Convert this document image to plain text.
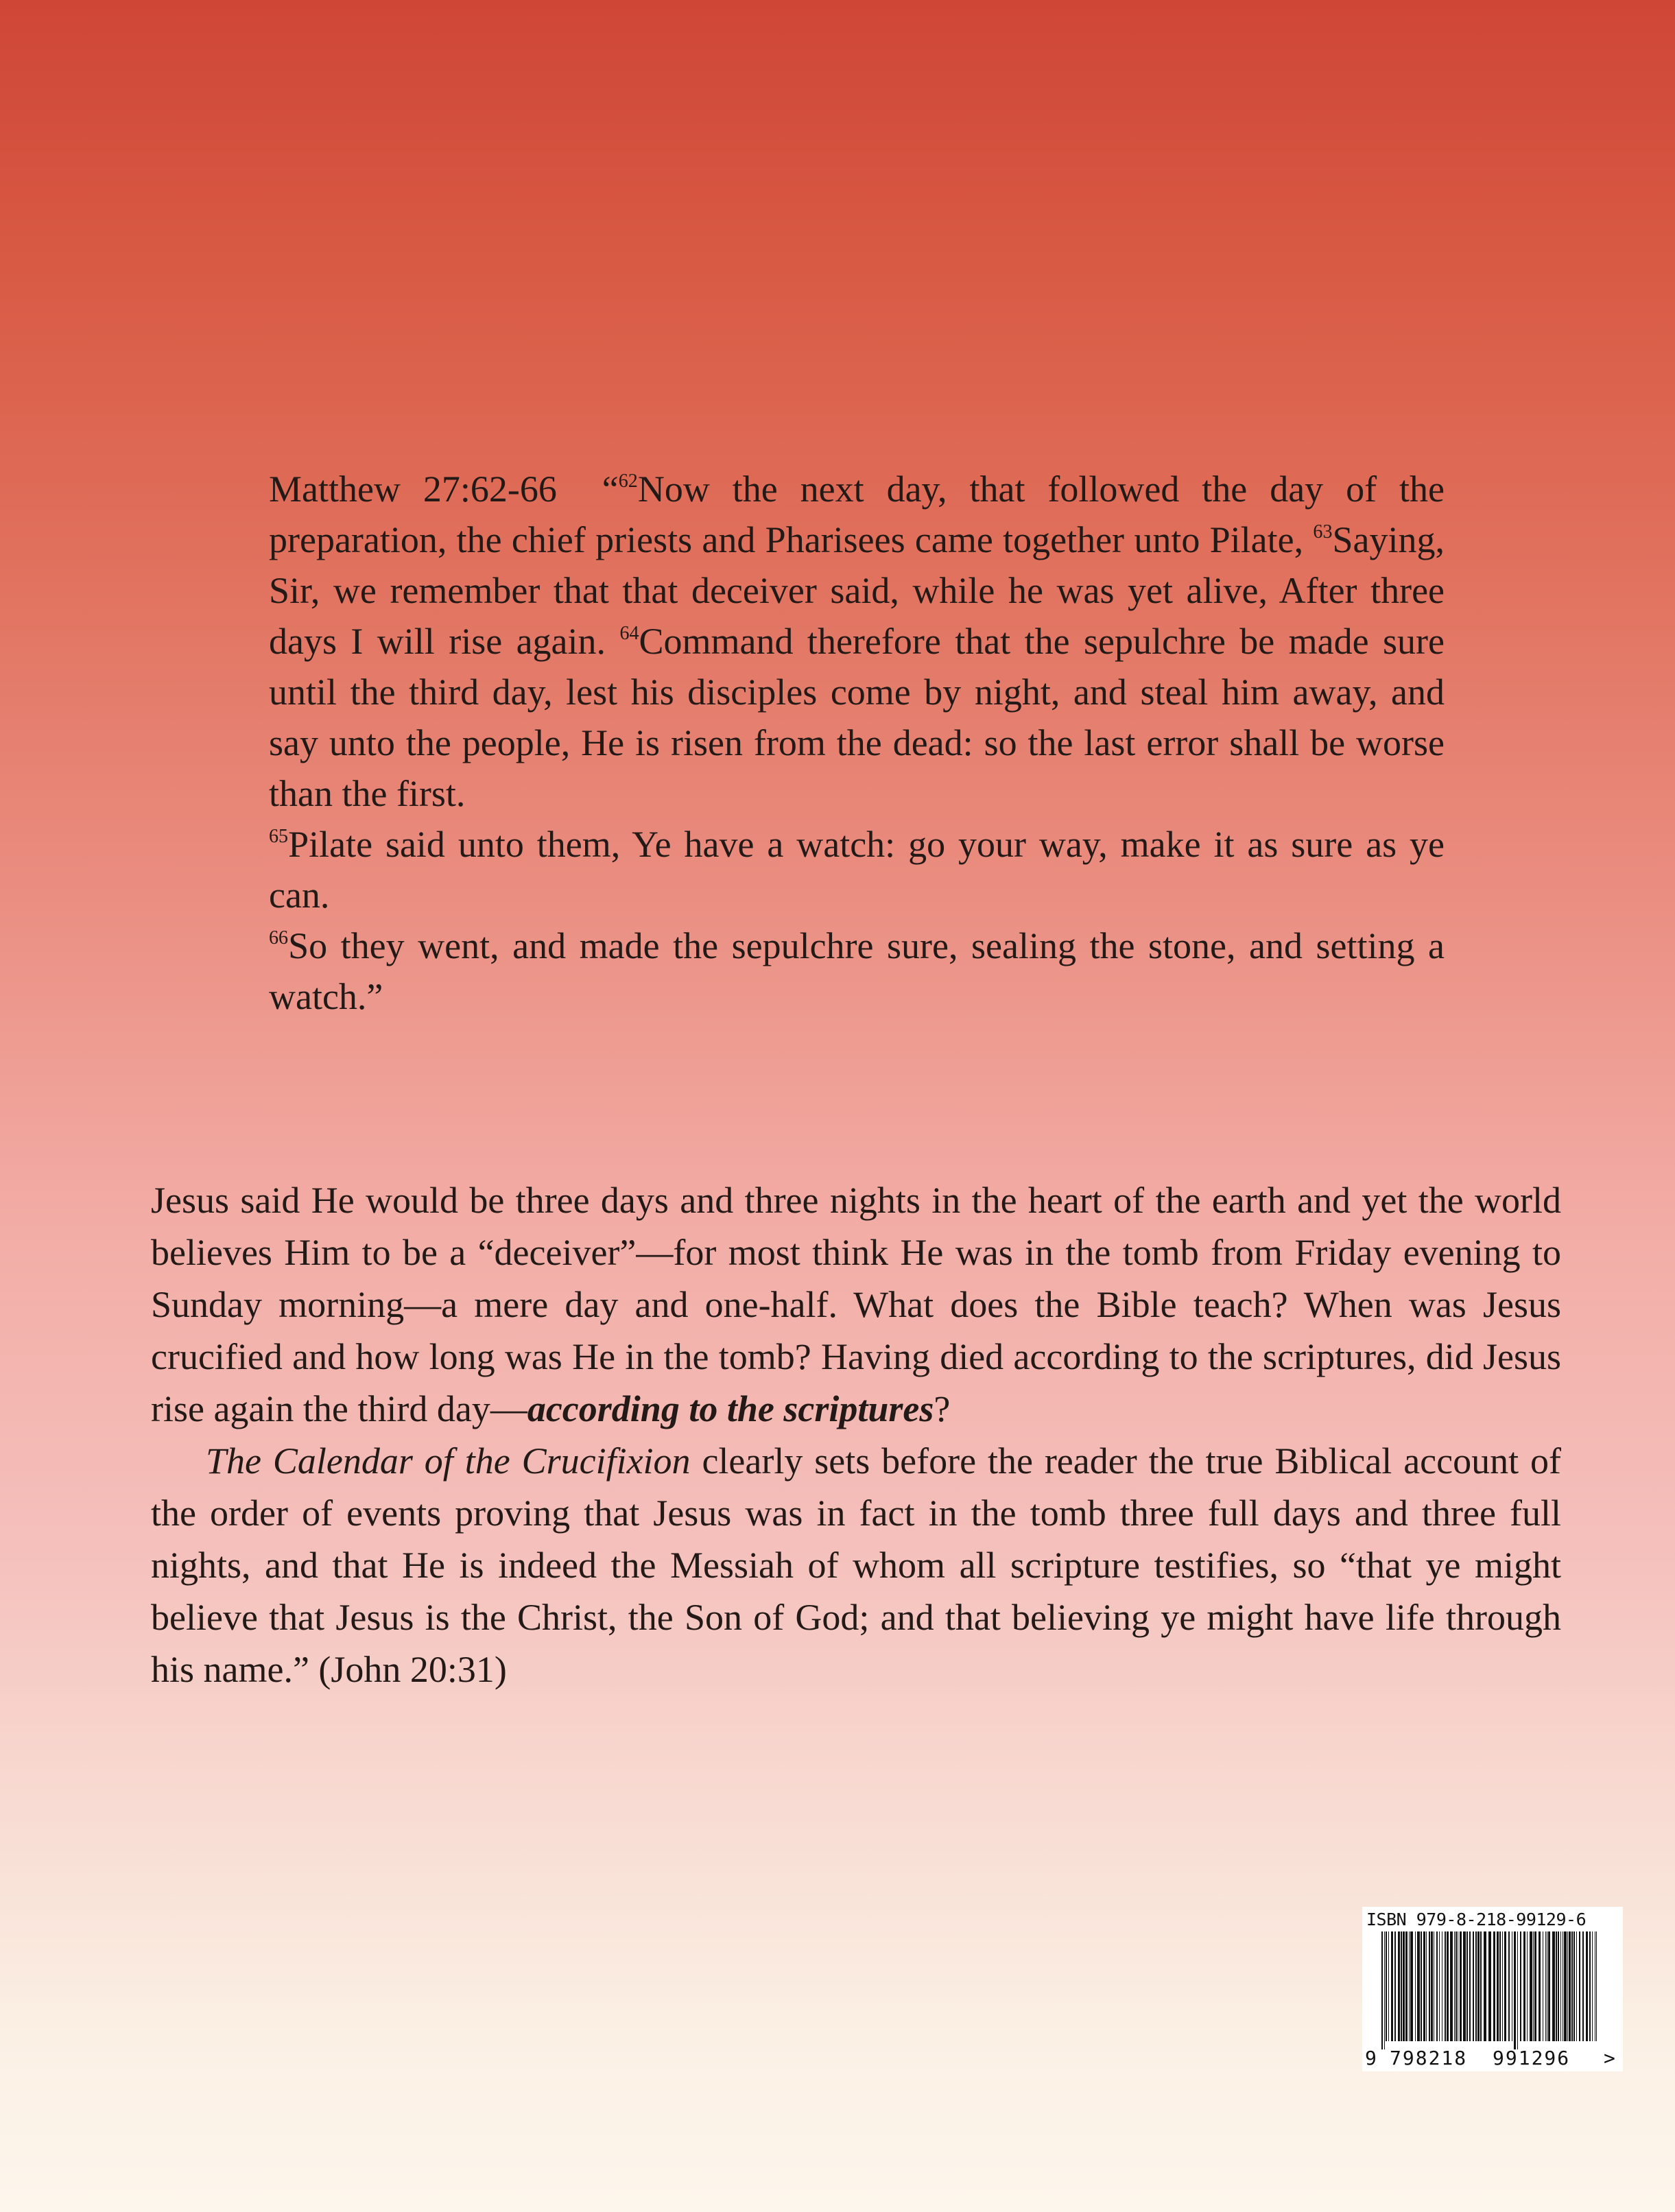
Matthew 27:62-66  “$^{62}$Now the next day, that followed the day of the preparation, the chief priests and Pharisees came together unto Pilate, $^{63}$Saying, Sir, we remember that that deceiver said, while he was yet alive, After three days I will rise again. $^{64}$Command therefore that the sepulchre be made sure until the third day, lest his disciples come by night, and steal him away, and say unto the people, He is risen from the dead: so the last error shall be worse than the first.

$^{65}$Pilate said unto them, Ye have a watch: go your way, make it as sure as ye can.

$^{66}$So they went, and made the sepulchre sure, sealing the stone, and setting a watch.”

Jesus said He would be three days and three nights in the heart of the earth and yet the world believes Him to be a “deceiver”—for most think He was in the tomb from Friday evening to Sunday morning—a mere day and one-half. What does the Bible teach? When was Jesus crucified and how long was He in the tomb? Having died according to the scriptures, did Jesus rise again the third day—according to the scriptures?

The Calendar of the Crucifixion clearly sets before the reader the true Biblical account of the order of events proving that Jesus was in fact in the tomb three full days and three full nights, and that He is indeed the Messiah of whom all scripture testifies, so “that ye might believe that Jesus is the Christ, the Son of God; and that believing ye might have life through his name.” (John 20:31)

ISBN 979-8-218-99129-6
9 798218 991296 >
